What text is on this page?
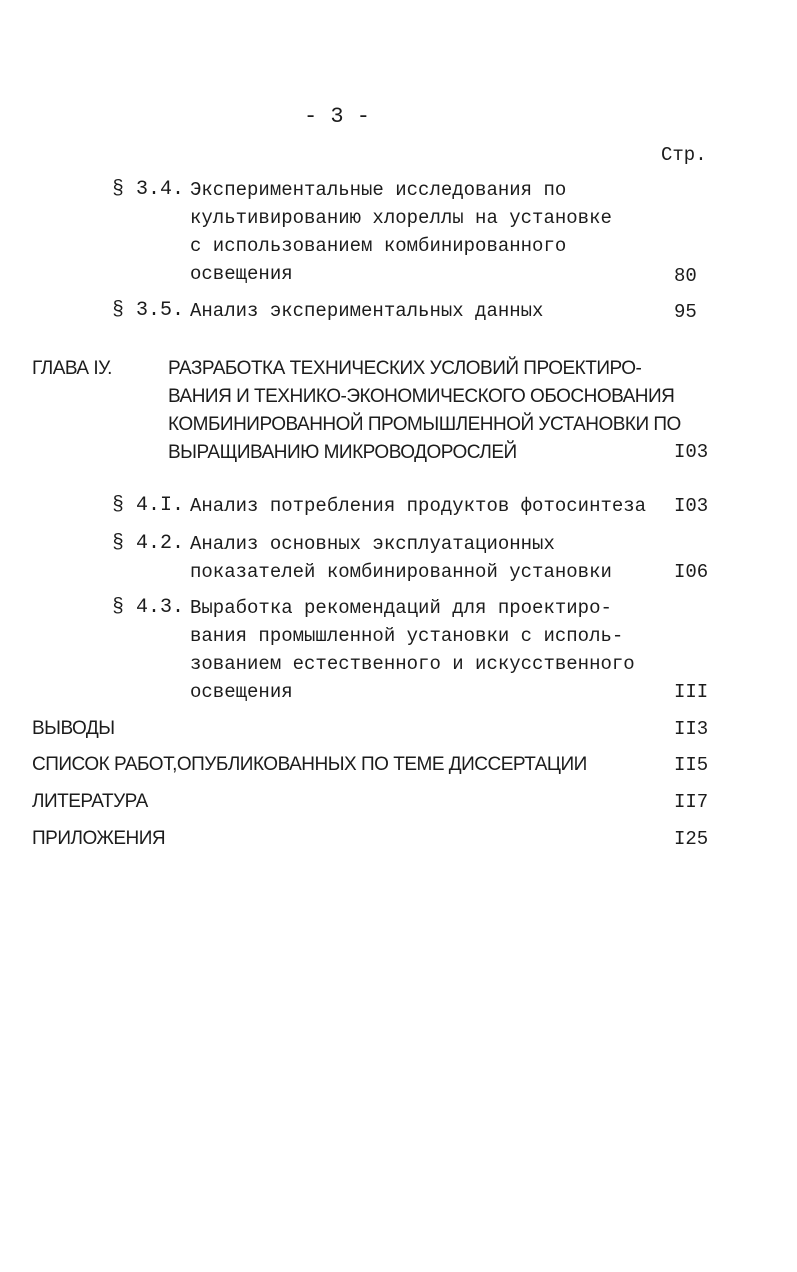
- 3 -
Стр.
§ 3.4. Экспериментальные исследования по
культивированию хлореллы на установке
с использованием комбинированного
освещения	80
§ 3.5. Анализ экспериментальных данных	95
ГЛАВА IУ.	РАЗРАБОТКА ТЕХНИЧЕСКИХ УСЛОВИЙ ПРОЕКТИРО-
ВАНИЯ И ТЕХНИКО-ЭКОНОМИЧЕСКОГО ОБОСНОВАНИЯ
КОМБИНИРОВАННОЙ ПРОМЫШЛЕННОЙ УСТАНОВКИ ПО
ВЫРАЩИВАНИЮ МИКРОВОДОРОСЛЕЙ	I03
§ 4.I. Анализ потребления продуктов фотосинтеза I03
§ 4.2. Анализ основных эксплуатационных
показателей комбинированной установки	I06
§ 4.3. Выработка рекомендаций для проектиро-
вания промышленной установки с исполь-
зованием естественного и искусственного
освещения	III
ВЫВОДЫ	II3
СПИСОК РАБОТ,ОПУБЛИКОВАННЫХ ПО ТЕМЕ ДИССЕРТАЦИИ	II5
ЛИТЕРАТУРА	II7
ПРИЛОЖЕНИЯ	I25
